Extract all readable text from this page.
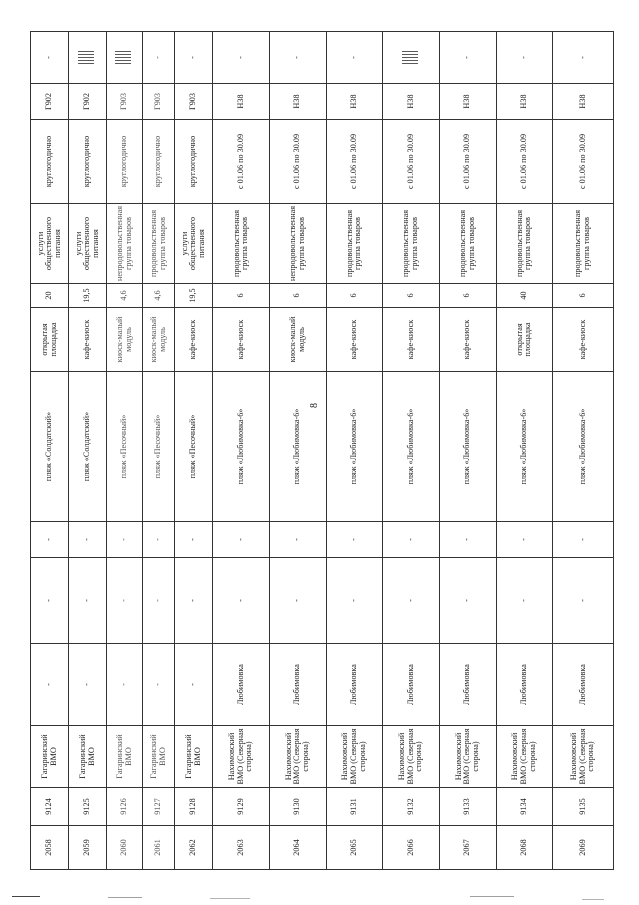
8
2058	9124	Гагаринский ВМО	-	-	-	пляж «Солдатский»	открытая площадка	20	услуги общественного питания	круглогодично	Г902	-
2059	9125	Гагаринский ВМО	-	-	-	пляж «Солдатский»	кафе-киоск	19,5	услуги общественного питания	круглогодично	Г902	
2060	9126	Гагаринский ВМО	-	-	-	пляж «Песочный»	киоск-малый модуль	4,6	непродовольственная группа товаров	круглогодично	Г903	
2061	9127	Гагаринский ВМО	-	-	-	пляж «Песочный»	киоск-малый модуль	4,6	продовольственная группа товаров	круглогодично	Г903	-
2062	9128	Гагаринский ВМО	-	-	-	пляж «Песочный»	кафе-киоск	19,5	услуги общественного питания	круглогодично	Г903	-
2063	9129	Нахимовский ВМО (Северная сторона)	Любимовка	-	-	пляж «Любимовка-6»	кафе-киоск	6	продовольственная группа товаров	с 01.06 по 30.09	Н38	-
2064	9130	Нахимовский ВМО (Северная сторона)	Любимовка	-	-	пляж «Любимовка-6»	киоск-малый модуль	6	непродовольственная группа товаров	с 01.06 по 30.09	Н38	-
2065	9131	Нахимовский ВМО (Северная сторона)	Любимовка	-	-	пляж «Любимовка-6»	кафе-киоск	6	продовольственная группа товаров	с 01.06 по 30.09	Н38	-
2066	9132	Нахимовский ВМО (Северная сторона)	Любимовка	-	-	пляж «Любимовка-6»	кафе-киоск	6	продовольственная группа товаров	с 01.06 по 30.09	Н38	
2067	9133	Нахимовский ВМО (Северная сторона)	Любимовка	-	-	пляж «Любимовка-6»	кафе-киоск	6	продовольственная группа товаров	с 01.06 по 30.09	Н38	-
2068	9134	Нахимовский ВМО (Северная сторона)	Любимовка	-	-	пляж «Любимовка-6»	открытая площадка	40	продовольственная группа товаров	с 01.06 по 30.09	Н38	-
2069	9135	Нахимовский ВМО (Северная сторона)	Любимовка	-	-	пляж «Любимовка-6»	кафе-киоск	6	продовольственная группа товаров	с 01.06 по 30.09	Н38	-
